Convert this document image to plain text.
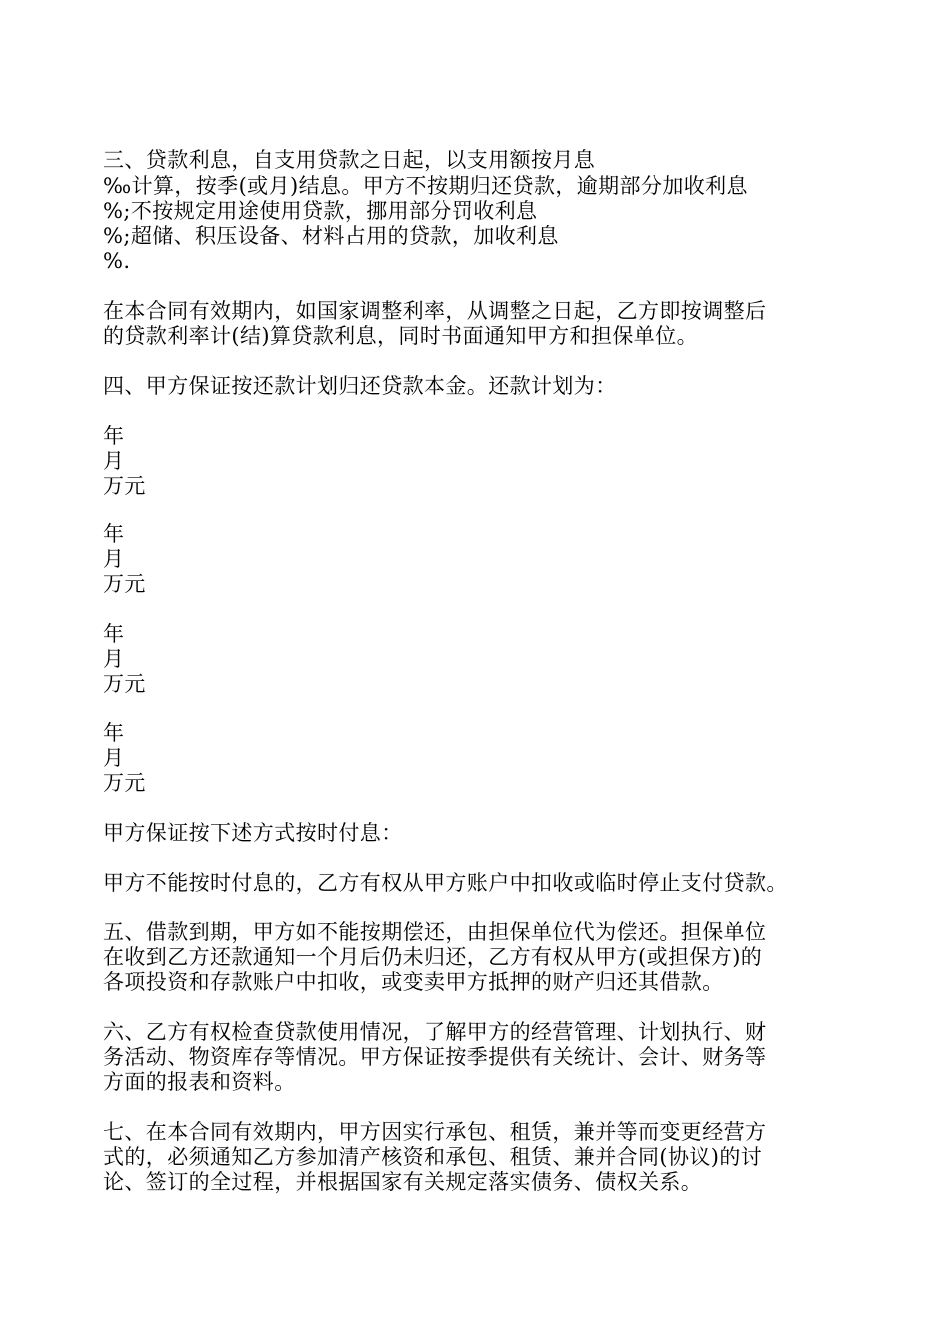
三、贷款利息，自支用贷款之日起，以支用额按月息
‰计算，按季(或月)结息。甲方不按期归还贷款，逾期部分加收利息
%;不按规定用途使用贷款，挪用部分罚收利息
%;超储、积压设备、材料占用的贷款，加收利息
%.
在本合同有效期内，如国家调整利率，从调整之日起，乙方即按调整后
的贷款利率计(结)算贷款利息，同时书面通知甲方和担保单位。
四、甲方保证按还款计划归还贷款本金。还款计划为：
年
月
万元
年
月
万元
年
月
万元
年
月
万元
甲方保证按下述方式按时付息：
甲方不能按时付息的，乙方有权从甲方账户中扣收或临时停止支付贷款。
五、借款到期，甲方如不能按期偿还，由担保单位代为偿还。担保单位
在收到乙方还款通知一个月后仍未归还，乙方有权从甲方(或担保方)的
各项投资和存款账户中扣收，或变卖甲方抵押的财产归还其借款。
六、乙方有权检查贷款使用情况，了解甲方的经营管理、计划执行、财
务活动、物资库存等情况。甲方保证按季提供有关统计、会计、财务等
方面的报表和资料。
七、在本合同有效期内，甲方因实行承包、租赁，兼并等而变更经营方
式的，必须通知乙方参加清产核资和承包、租赁、兼并合同(协议)的讨
论、签订的全过程，并根据国家有关规定落实债务、债权关系。
